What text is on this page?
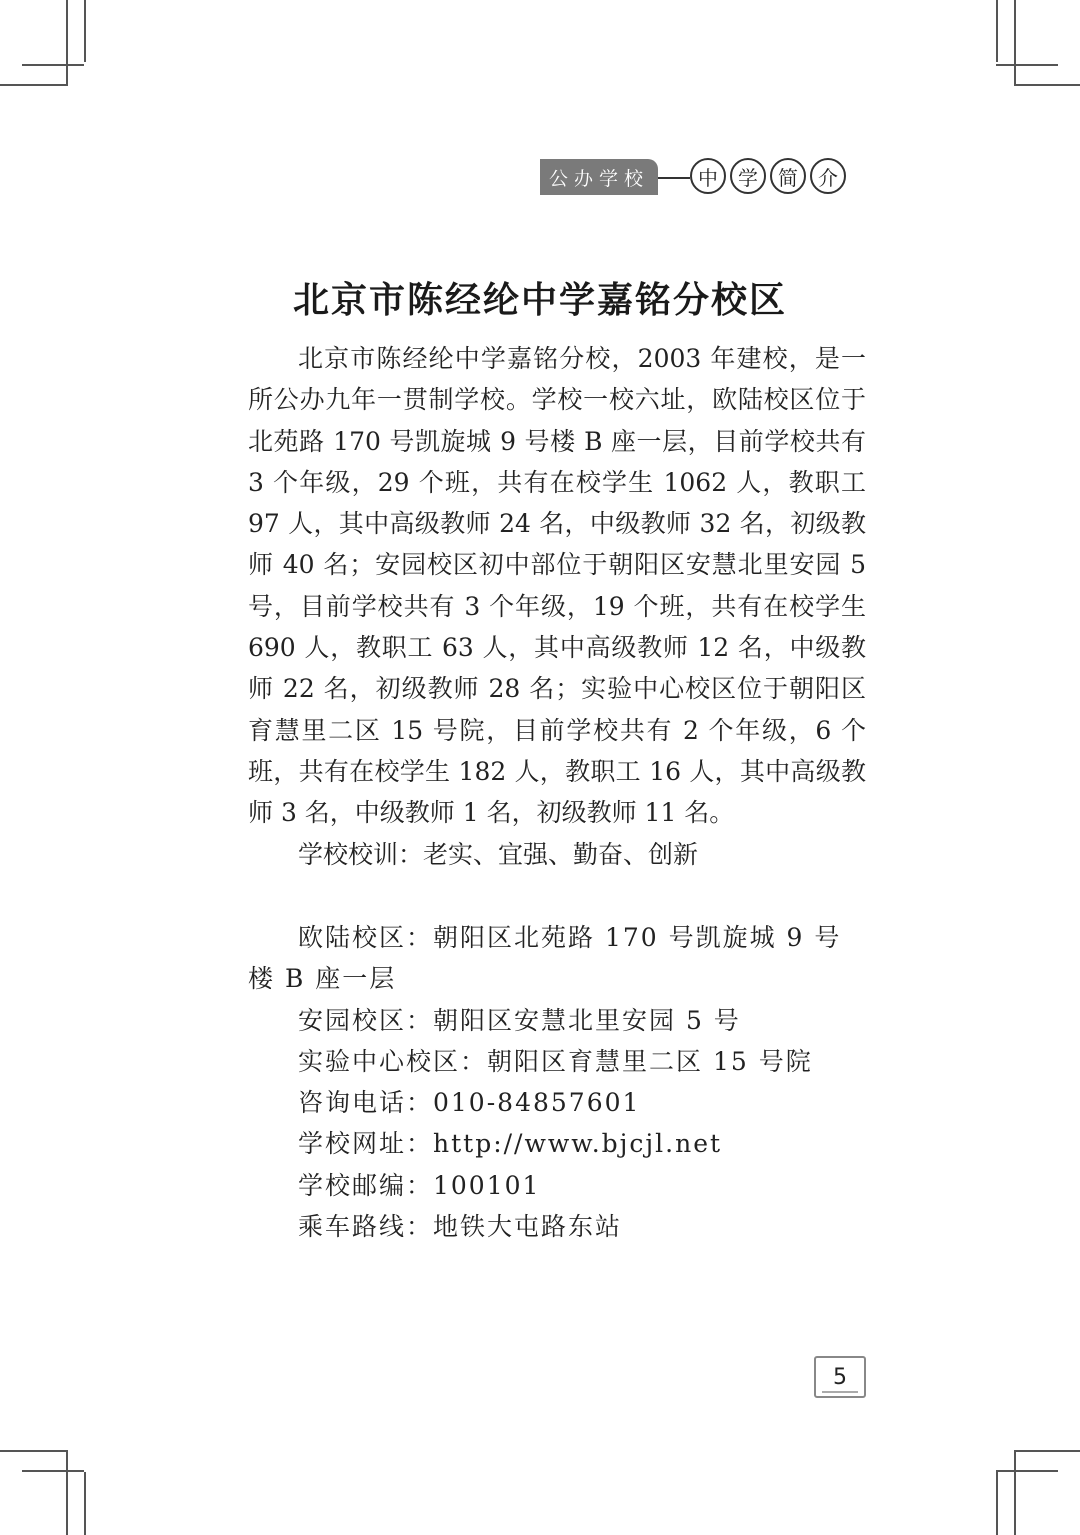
公办学校	中	学	简	介
北京市陈经纶中学嘉铭分校区

北京市陈经纶中学嘉铭分校，2003 年建校，是一所公办九年一贯制学校。学校一校六址，欧陆校区位于北苑路 170 号凯旋城 9 号楼 B 座一层，目前学校共有 3 个年级，29 个班，共有在校学生 1062 人，教职工 97 人，其中高级教师 24 名，中级教师 32 名，初级教师 40 名；安园校区初中部位于朝阳区安慧北里安园 5 号，目前学校共有 3 个年级，19 个班，共有在校学生 690 人，教职工 63 人，其中高级教师 12 名，中级教师 22 名，初级教师 28 名；实验中心校区位于朝阳区育慧里二区 15 号院，目前学校共有 2 个年级，6 个班，共有在校学生 182 人，教职工 16 人，其中高级教师 3 名，中级教师 1 名，初级教师 11 名。

学校校训：老实、宜强、勤奋、创新

欧陆校区：朝阳区北苑路 170 号凯旋城 9 号楼 B 座一层

安园校区：朝阳区安慧北里安园 5 号

实验中心校区：朝阳区育慧里二区 15 号院

咨询电话：010-84857601

学校网址：http://www.bjcjl.net

学校邮编：100101

乘车路线：地铁大屯路东站

5
